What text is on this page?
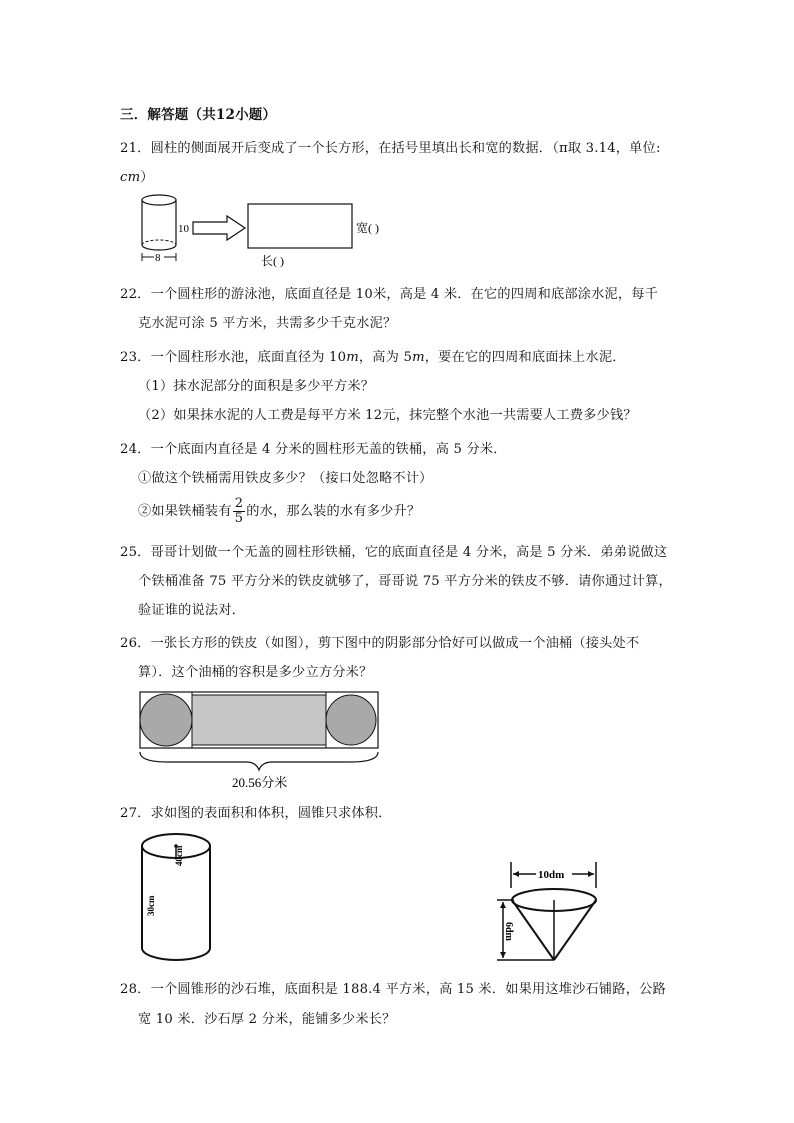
三．解答题（共12小题）
21．圆柱的侧面展开后变成了一个长方形，在括号里填出长和宽的数据．（π取 3.14，单位:
cm）
10
8
宽( )
长( )
22．一个圆柱形的游泳池，底面直径是 10米，高是 4 米．在它的四周和底部涂水泥，每千
克水泥可涂 5 平方米，共需多少千克水泥？
23．一个圆柱形水池，底面直径为 10m，高为 5m，要在它的四周和底面抹上水泥．
（1）抹水泥部分的面积是多少平方米？
（2）如果抹水泥的人工费是每平方米 12元，抹完整个水池一共需要人工费多少钱？
24．一个底面内直径是 4 分米的圆柱形无盖的铁桶，高 5 分米．
①做这个铁桶需用铁皮多少？（接口处忽略不计）
②如果铁桶装有 $\frac{2}{5}$ 的水，那么装的水有多少升？
25．哥哥计划做一个无盖的圆柱形铁桶，它的底面直径是 4 分米，高是 5 分米．弟弟说做这
个铁桶准备 75 平方分米的铁皮就够了，哥哥说 75 平方分米的铁皮不够．请你通过计算，
验证谁的说法对．
26．一张长方形的铁皮（如图），剪下图中的阴影部分恰好可以做成一个油桶（接头处不
算）．这个油桶的容积是多少立方分米？
20.56分米
27．求如图的表面积和体积，圆锥只求体积．
40cm
30cm
10dm
6dm
28．一个圆锥形的沙石堆，底面积是 188.4 平方米，高 15 米．如果用这堆沙石铺路，公路
宽 10 米．沙石厚 2 分米，能铺多少米长？
